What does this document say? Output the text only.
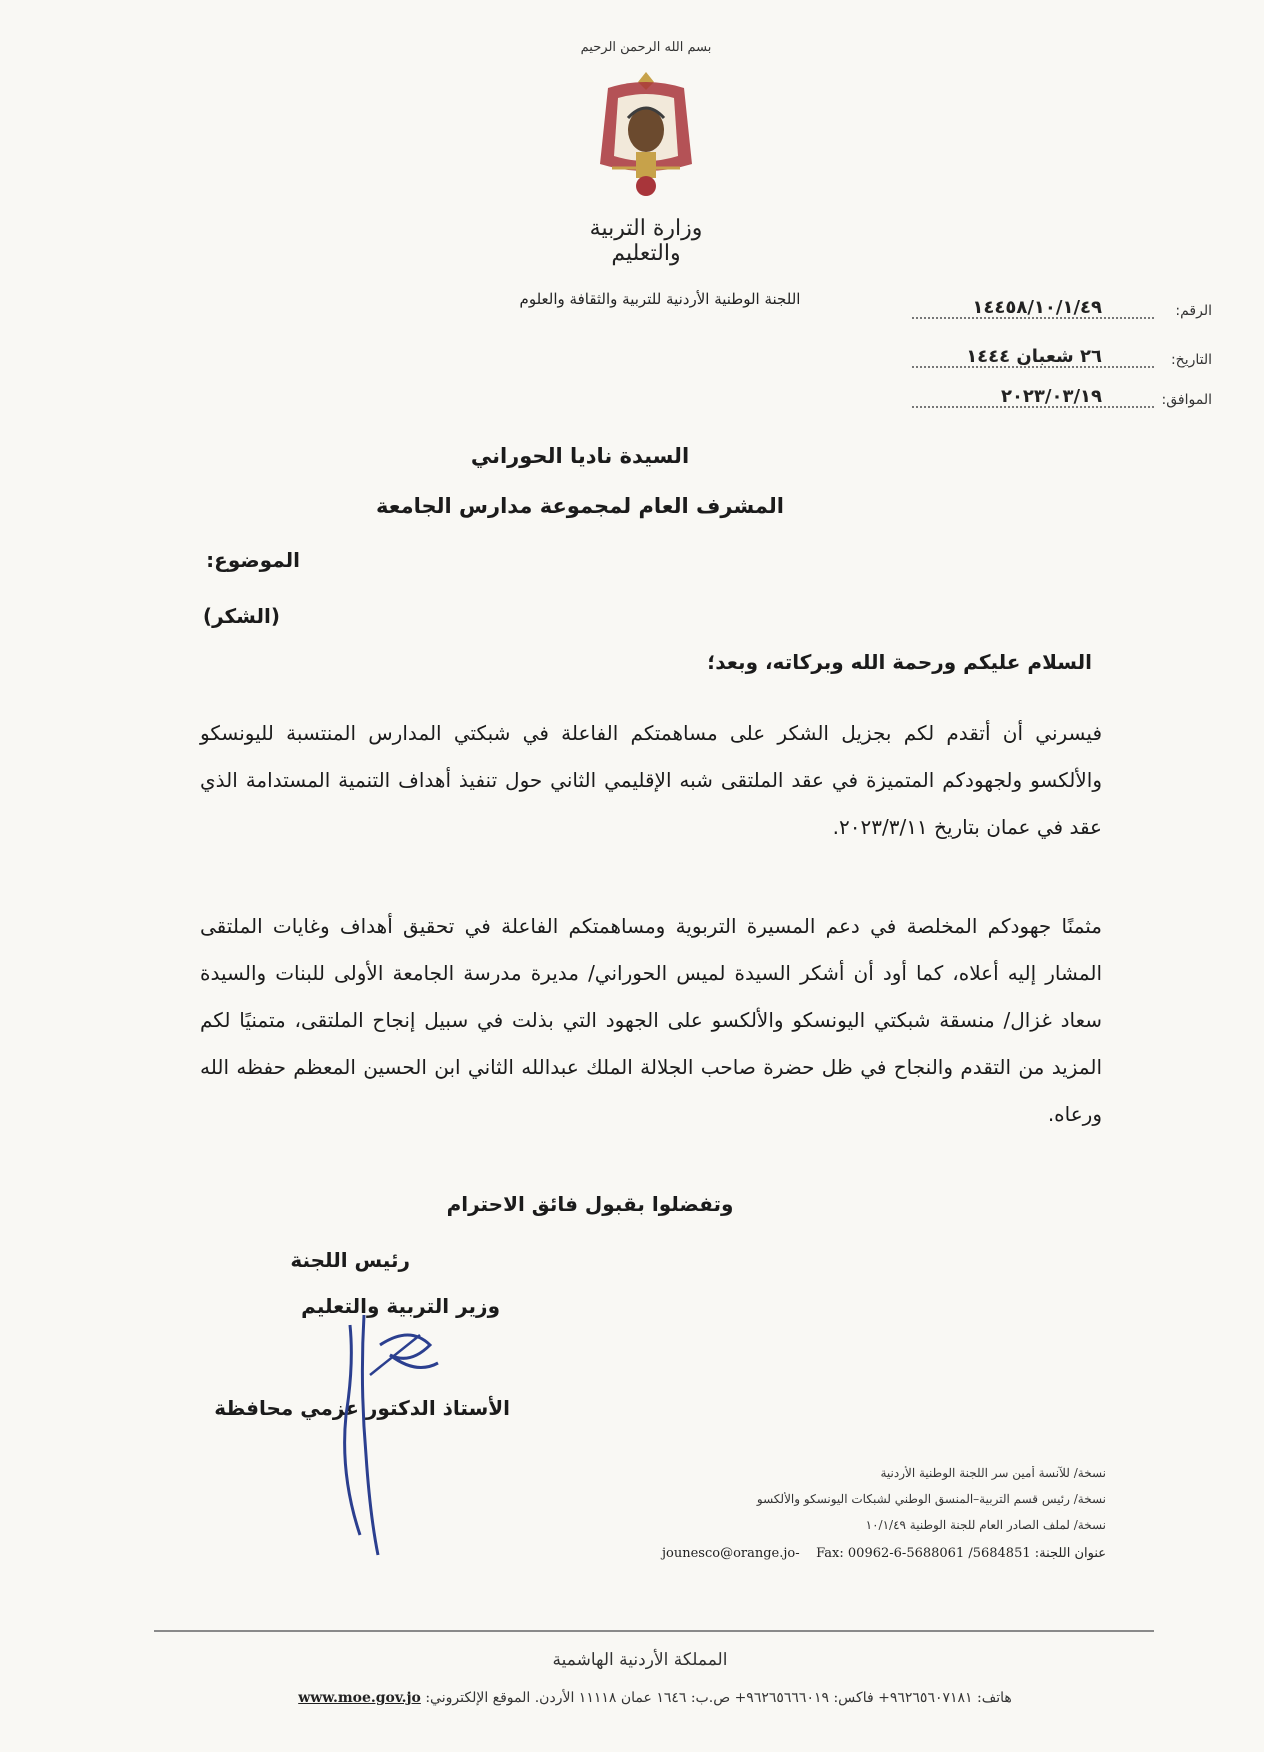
بسم الله الرحمن الرحيم
وزارة التربية والتعليم
اللجنة الوطنية الأردنية للتربية والثقافة والعلوم
الرقم:
١٤٤٥٨/١٠/١/٤٩
التاريخ:
٢٦ شعبان ١٤٤٤
الموافق:
٢٠٢٣/٠٣/١٩
السيدة ناديا الحوراني
المشرف العام لمجموعة مدارس الجامعة
الموضوع:
(الشكر)
السلام عليكم ورحمة الله وبركاته، وبعد؛
فيسرني أن أتقدم لكم بجزيل الشكر على مساهمتكم الفاعلة في شبكتي المدارس المنتسبة لليونسكو والألكسو ولجهودكم المتميزة في عقد الملتقى شبه الإقليمي الثاني حول تنفيذ أهداف التنمية المستدامة الذي عقد في عمان بتاريخ ٢٠٢٣/٣/١١.
مثمنًا جهودكم المخلصة في دعم المسيرة التربوية ومساهمتكم الفاعلة في تحقيق أهداف وغايات الملتقى المشار إليه أعلاه، كما أود أن أشكر السيدة لميس الحوراني/ مديرة مدرسة الجامعة الأولى للبنات والسيدة سعاد غزال/ منسقة شبكتي اليونسكو والألكسو على الجهود التي بذلت في سبيل إنجاح الملتقى، متمنيًا لكم المزيد من التقدم والنجاح في ظل حضرة صاحب الجلالة الملك عبدالله الثاني ابن الحسين المعظم حفظه الله ورعاه.
وتفضلوا بقبول فائق الاحترام
رئيس اللجنة
وزير التربية والتعليم
الأستاذ الدكتور عزمي محافظة
نسخة/ للآنسة أمين سر اللجنة الوطنية الأردنية
نسخة/ رئيس قسم التربية–المنسق الوطني لشبكات اليونسكو والألكسو
نسخة/ لملف الصادر العام للجنة الوطنية ١٠/١/٤٩
عنوان اللجنة: jounesco@orange.jo- Fax: 00962-6-5688061 /5684851
المملكة الأردنية الهاشمية
هاتف: ٩٦٢٦٥٦٠٧١٨١+ فاكس: ٩٦٢٦٥٦٦٦٠١٩+ ص.ب: ١٦٤٦ عمان ١١١١٨ الأردن. الموقع الإلكتروني: www.moe.gov.jo
